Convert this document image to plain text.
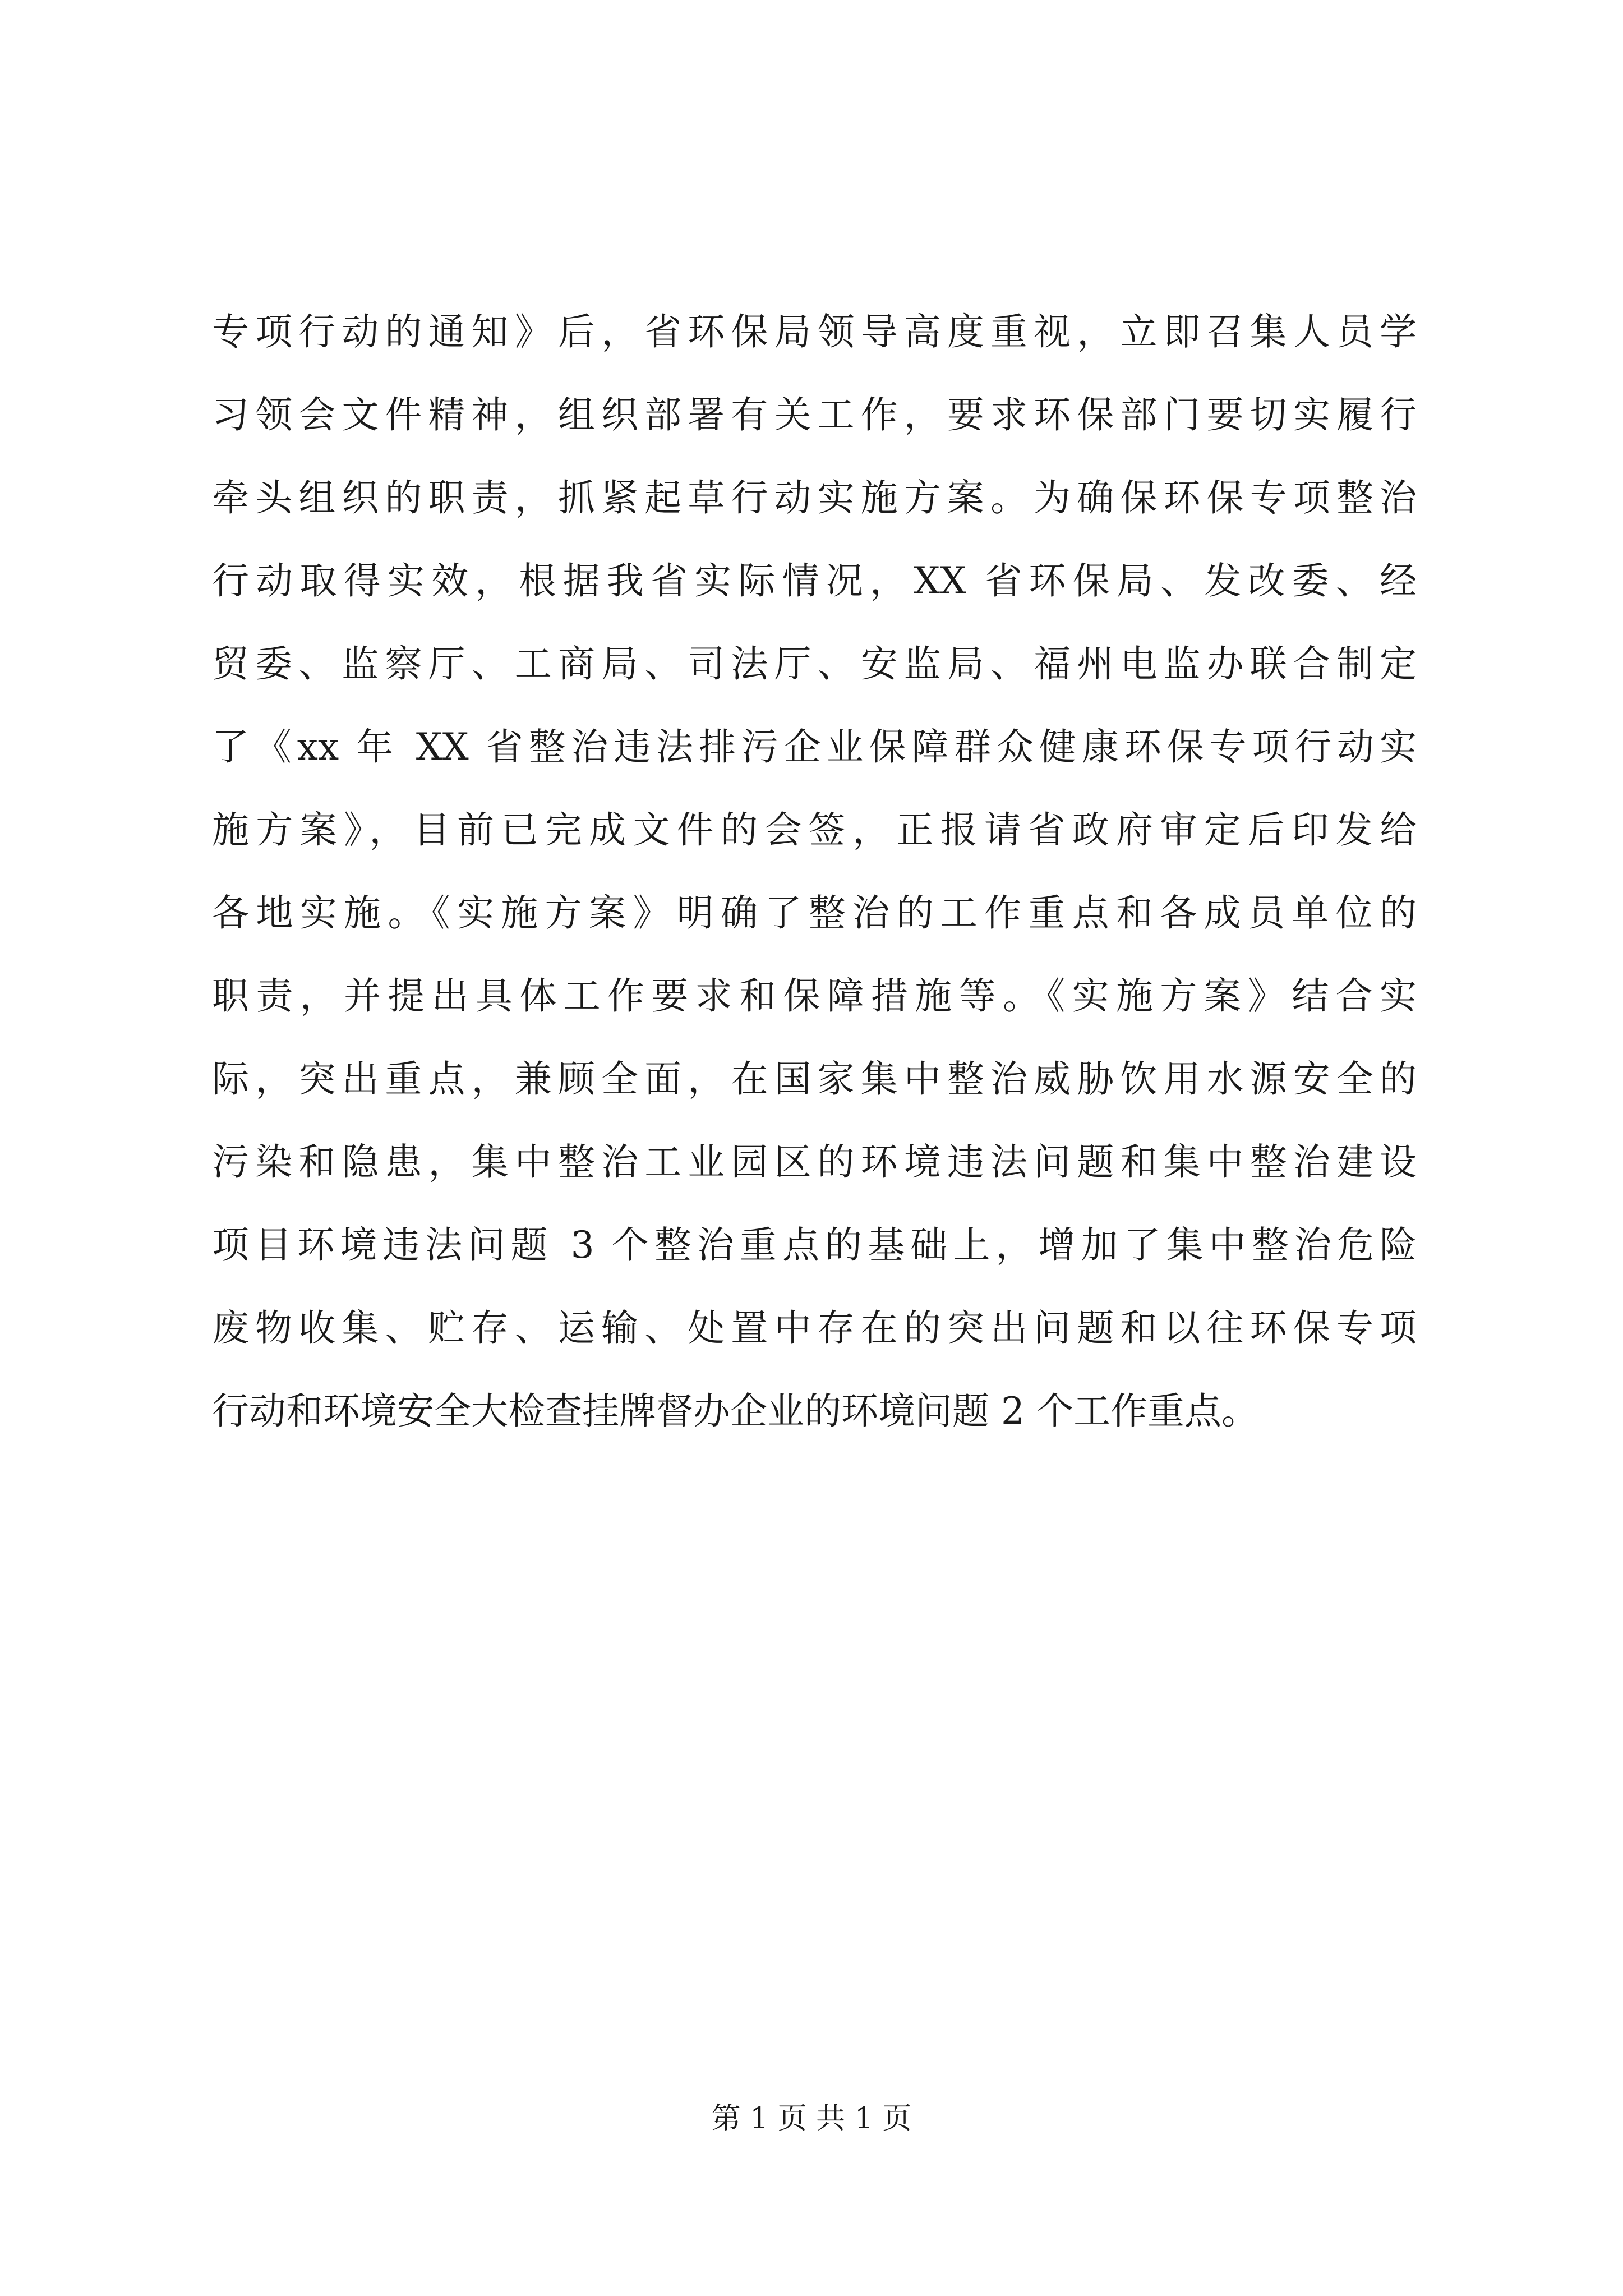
专项行动的通知》后，省环保局领导高度重视，立即召集人员学
习领会文件精神，组织部署有关工作，要求环保部门要切实履行
牵头组织的职责，抓紧起草行动实施方案。为确保环保专项整治
行动取得实效，根据我省实际情况，XX 省环保局、发改委、经
贸委、监察厅、工商局、司法厅、安监局、福州电监办联合制定
了《xx 年 XX 省整治违法排污企业保障群众健康环保专项行动实
施方案》，目前已完成文件的会签，正报请省政府审定后印发给
各地实施。《实施方案》明确了整治的工作重点和各成员单位的
职责，并提出具体工作要求和保障措施等。《实施方案》结合实
际，突出重点，兼顾全面，在国家集中整治威胁饮用水源安全的
污染和隐患，集中整治工业园区的环境违法问题和集中整治建设
项目环境违法问题 3 个整治重点的基础上，增加了集中整治危险
废物收集、贮存、运输、处置中存在的突出问题和以往环保专项
行动和环境安全大检查挂牌督办企业的环境问题 2 个工作重点。
第 1 页 共 1 页
